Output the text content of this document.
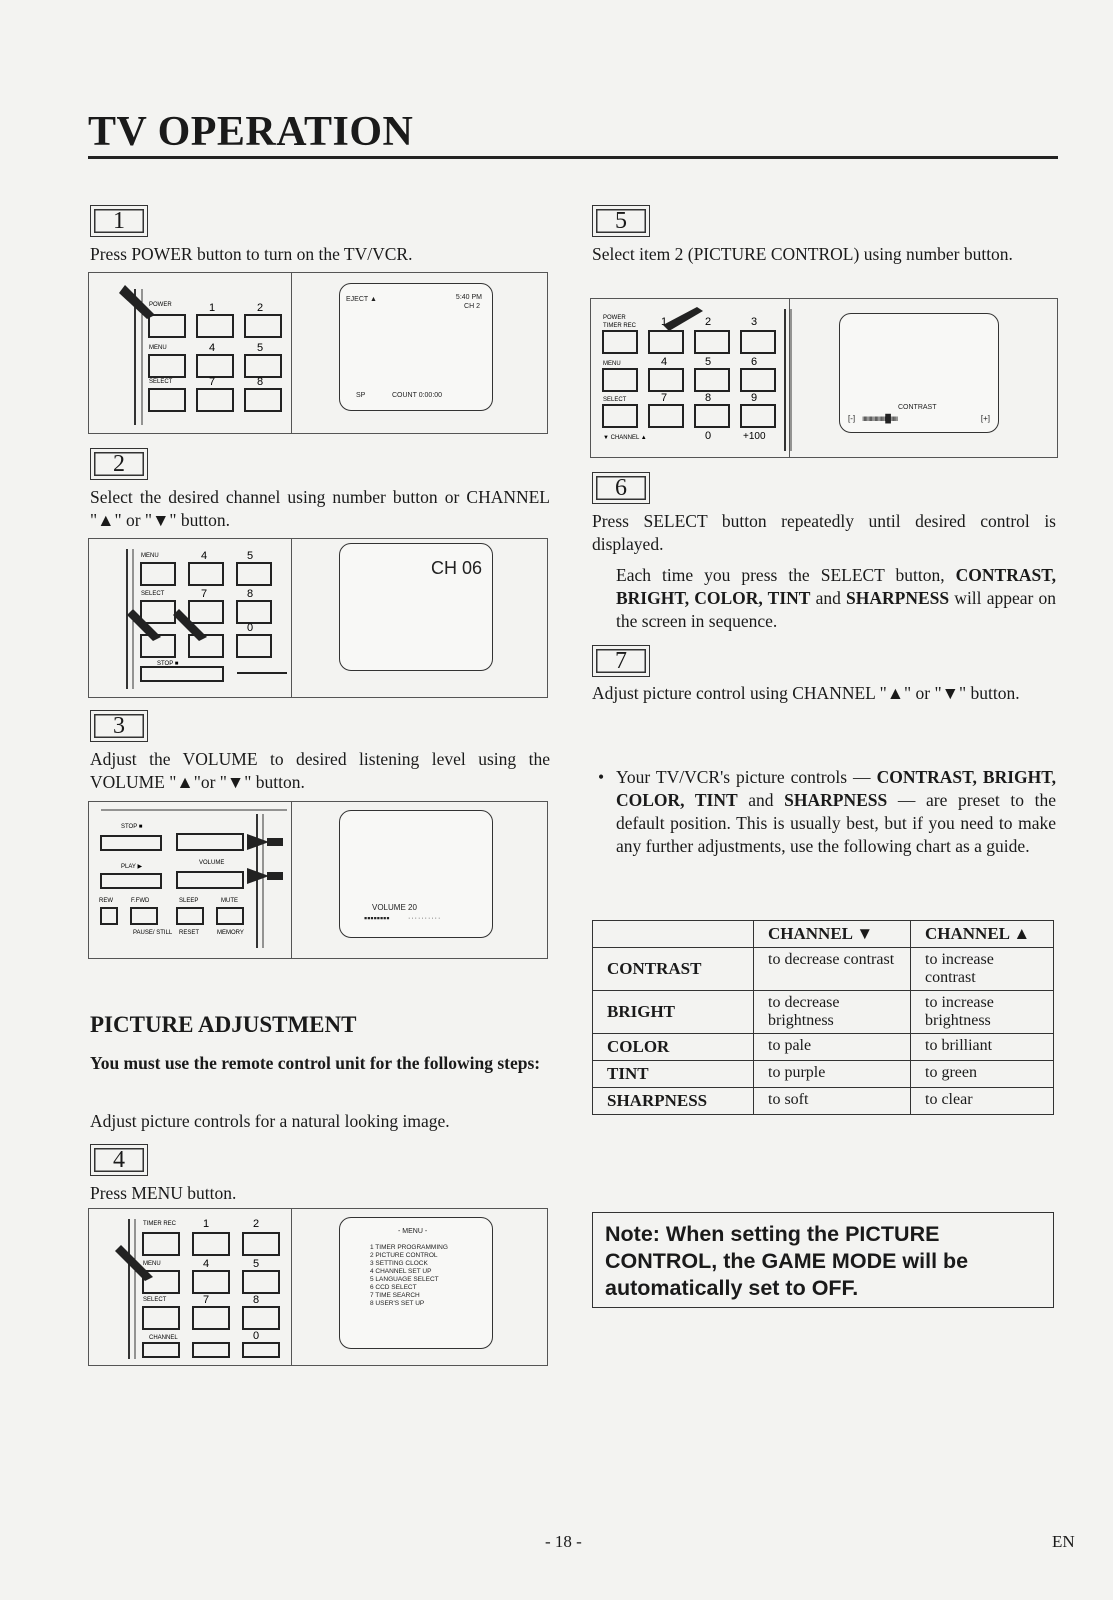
TV OPERATION
1

Press POWER button to turn on the TV/VCR.

1	2
4	5
7	8
POWER
MENU
SELECT
EJECT ▲	5:40 PM
CH 2
SP	COUNT 0:00:00
2

Select the desired channel using number button or CHANNEL "▲" or "▼" button.

4	5
7	8
0
MENU
SELECT
STOP ■
CH 06
3

Adjust the VOLUME to desired listening level using the VOLUME "▲"or "▼" button.

STOP ■
PLAY ▶
VOLUME
REW	F.FWD	SLEEP	MUTE
PAUSE/ STILL RESET	MEMORY
VOLUME 20
▪▪▪▪▪▪▪▪	··········
PICTURE ADJUSTMENT

You must use the remote control unit for the following steps:

Adjust picture controls for a natural looking image.

4

Press MENU button.

1	2
4	5
7	8
0
TIMER REC
MENU
SELECT
CHANNEL
- MENU -
1 TIMER PROGRAMMING
2 PICTURE CONTROL
3 SETTING CLOCK
4 CHANNEL SET UP
5 LANGUAGE SELECT
6 CCD SELECT
7 TIME SEARCH
8 USER'S SET UP
5

Select item 2 (PICTURE CONTROL) using number button.

1	2	3
4	5	6
7	8	9
0	+100
POWER
TIMER REC
MENU
SELECT
▼ CHANNEL ▲
CONTRAST
[-] ııııııııııııııııııı█ıııııı	[+]
6

Press SELECT button repeatedly until desired control is displayed.

Each time you press the SELECT button, CONTRAST, BRIGHT, COLOR, TINT and SHARPNESS will appear on the screen in sequence.

7

Adjust picture control using CHANNEL "▲" or "▼" button.

• Your TV/VCR's picture controls — CONTRAST, BRIGHT, COLOR, TINT and SHARPNESS — are preset to the default position. This is usually best, but if you need to make any further adjustments, use the following chart as a guide.

	CHANNEL ▼	CHANNEL ▲
CONTRAST	to decrease contrast	to increase contrast
BRIGHT	to decrease brightness	to increase brightness
COLOR	to pale	to brilliant
TINT	to purple	to green
SHARPNESS	to soft	to clear
Note: When setting the PICTURE CONTROL, the GAME MODE will be automatically set to OFF.
- 18 -	EN
